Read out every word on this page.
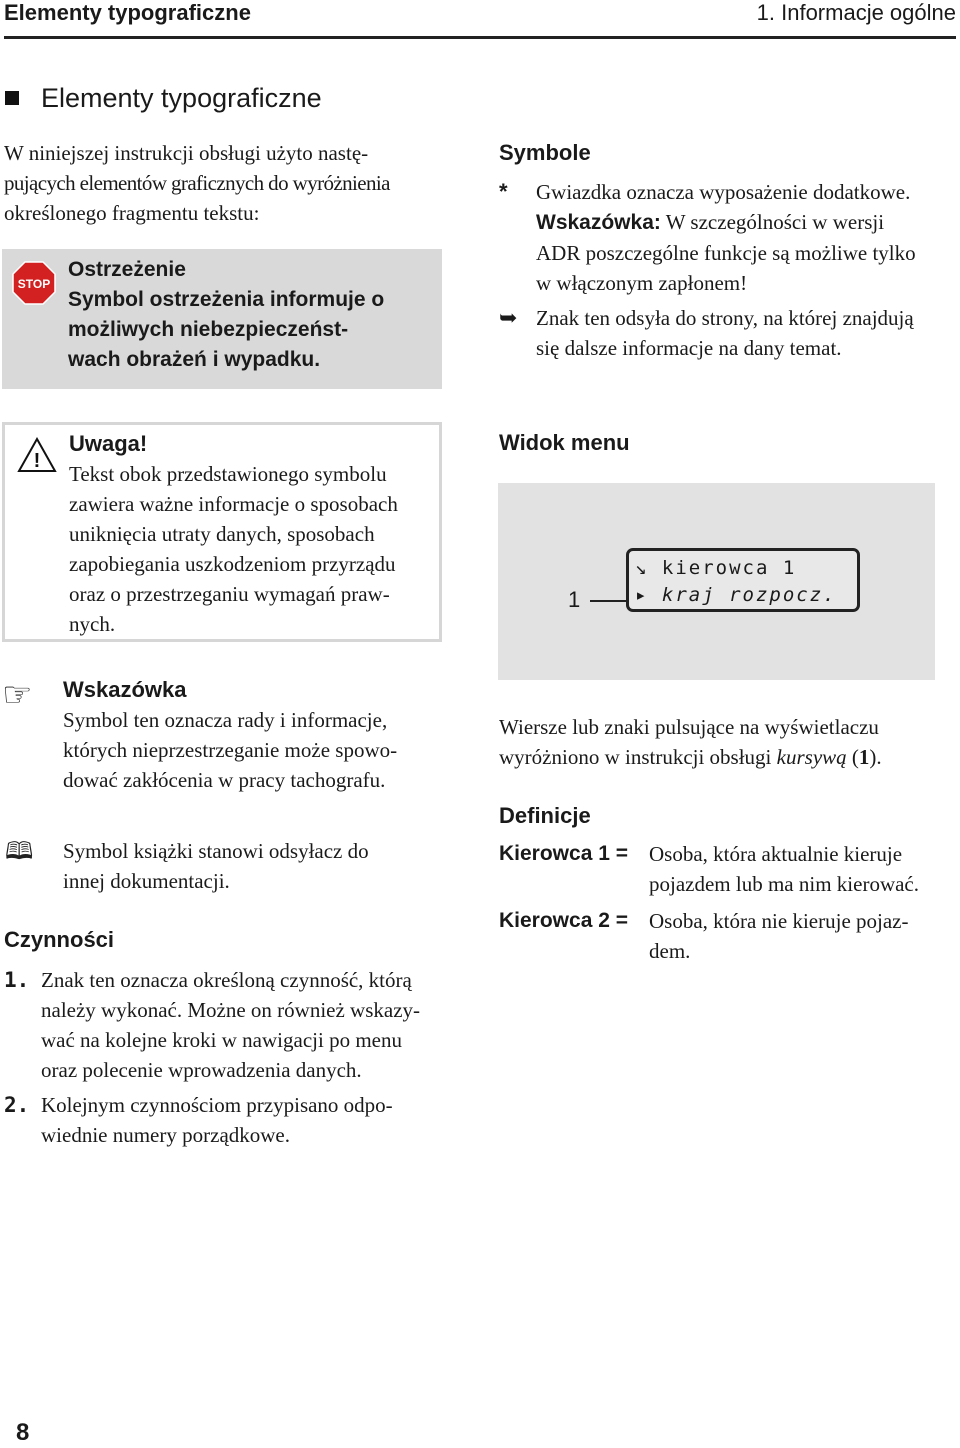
Elementy typograficzne	1. Informacje ogólne
Elementy typograficzne
W niniejszej instrukcji obsługi użyto nastę-
pujących elementów graficznych do wyróżnienia
określonego fragmentu tekstu:
STOP
Ostrzeżenie
Symbol ostrzeżenia informuje o
możliwych niebezpieczeńst-
wach obrażeń i wypadku.
!
Uwaga!
Tekst obok przedstawionego symbolu
zawiera ważne informacje o sposobach
uniknięcia utraty danych, sposobach
zapobiegania uszkodzeniom przyrządu
oraz o przestrzeganiu wymagań praw-
nych.
☞ Wskazówka
Symbol ten oznacza rady i informacje,
których nieprzestrzeganie może spowo-
dować zakłócenia w pracy tachografu.
🕮 Symbol książki stanowi odsyłacz do
innej dokumentacji.
Czynności
1. Znak ten oznacza określoną czynność, którą
należy wykonać. Możne on również wskazy-
wać na kolejne kroki w nawigacji po menu
oraz polecenie wprowadzenia danych.
2. Kolejnym czynnościom przypisano odpo-
wiednie numery porządkowe.
Symbole
* Gwiazdka oznacza wyposażenie dodatkowe.
Wskazówka: W szczególności w wersji
ADR poszczególne funkcje są możliwe tylko
w włączonym zapłonem!
➥ Znak ten odsyła do strony, na której znajdują
się dalsze informacje na dany temat.
Widok menu
1
↘ kierowca 1
▸ kraj rozpocz.
Wiersze lub znaki pulsujące na wyświetlaczu
wyróżniono w instrukcji obsługi kursywą (1).
Definicje
Kierowca 1 = Osoba, która aktualnie kieruje
pojazdem lub ma nim kierować.
Kierowca 2 = Osoba, która nie kieruje pojaz-
dem.
8
